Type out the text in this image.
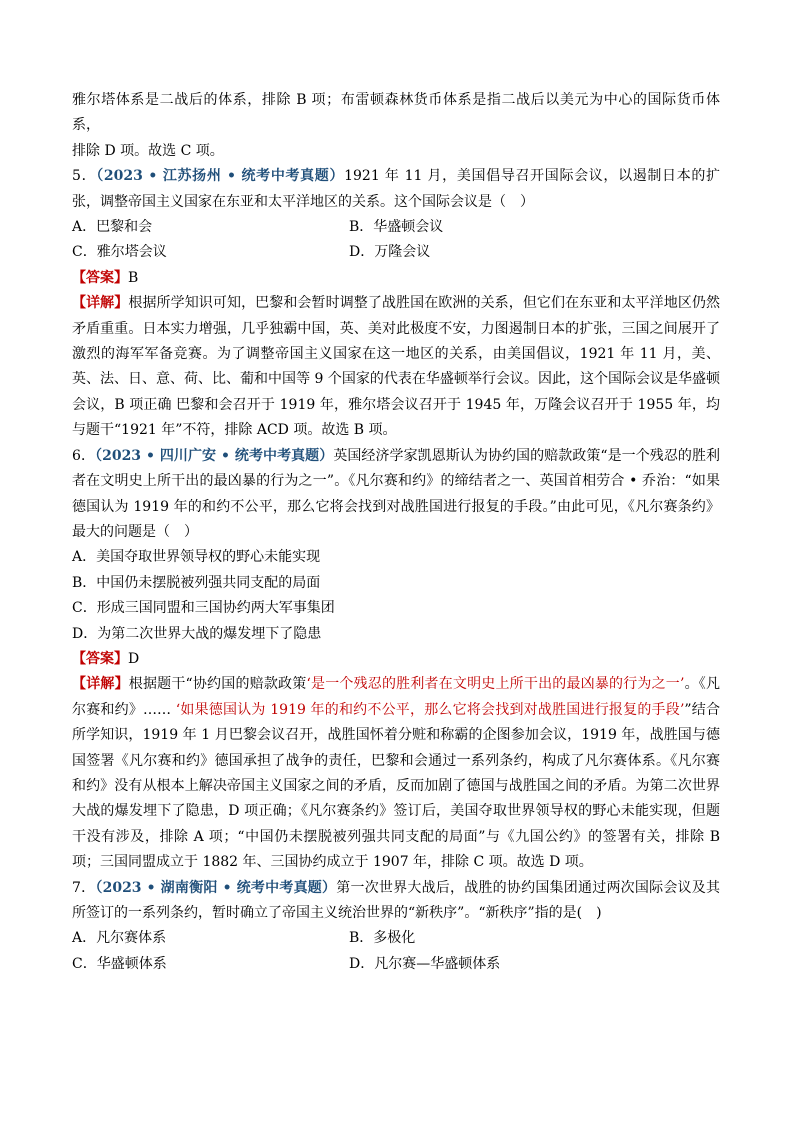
雅尔塔体系是二战后的体系，排除 B 项；布雷顿森林货币体系是指二战后以美元为中心的国际货币体系，
排除 D 项。故选 C 项。

5．（2023 • 江苏扬州 • 统考中考真题）1921 年 11 月，美国倡导召开国际会议，以遏制日本的扩张，调整帝国主义国家在东亚和太平洋地区的关系。这个国际会议是（　）

A．巴黎和会	B．华盛顿会议
C．雅尔塔会议	D．万隆会议

【答案】B

【详解】根据所学知识可知，巴黎和会暂时调整了战胜国在欧洲的关系，但它们在东亚和太平洋地区仍然矛盾重重。日本实力增强，几乎独霸中国，英、美对此极度不安，力图遏制日本的扩张，三国之间展开了激烈的海军军备竞赛。为了调整帝国主义国家在这一地区的关系，由美国倡议，1921 年 11 月，美、英、法、日、意、荷、比、葡和中国等 9 个国家的代表在华盛顿举行会议。因此，这个国际会议是华盛顿会议，B 项正确 巴黎和会召开于 1919 年，雅尔塔会议召开于 1945 年，万隆会议召开于 1955 年，均与题干“1921 年”不符，排除 ACD 项。故选 B 项。

6．（2023 • 四川广安 • 统考中考真题）英国经济学家凯恩斯认为协约国的赔款政策“是一个残忍的胜利者在文明史上所干出的最凶暴的行为之一”。《凡尔赛和约》的缔结者之一、英国首相劳合 • 乔治：“如果德国认为 1919 年的和约不公平，那么它将会找到对战胜国进行报复的手段。”由此可见，《凡尔赛条约》最大的问题是（　）

A．美国夺取世界领导权的野心未能实现

B．中国仍未摆脱被列强共同支配的局面

C．形成三国同盟和三国协约两大军事集团

D．为第二次世界大战的爆发埋下了隐患

【答案】D

【详解】根据题干“协约国的赔款政策‘是一个残忍的胜利者在文明史上所干出的最凶暴的行为之一’。《凡尔赛和约》…… ‘如果德国认为 1919 年的和约不公平，那么它将会找到对战胜国进行报复的手段’”结合所学知识，1919 年 1 月巴黎会议召开，战胜国怀着分赃和称霸的企图参加会议，1919 年，战胜国与德国签署《凡尔赛和约》德国承担了战争的责任，巴黎和会通过一系列条约，构成了凡尔赛体系。《凡尔赛和约》没有从根本上解决帝国主义国家之间的矛盾，反而加剧了德国与战胜国之间的矛盾。为第二次世界大战的爆发埋下了隐患，D 项正确；《凡尔赛条约》签订后，美国夺取世界领导权的野心未能实现，但题干没有涉及，排除 A 项；“中国仍未摆脱被列强共同支配的局面”与《九国公约》的签署有关，排除 B 项；三国同盟成立于 1882 年、三国协约成立于 1907 年，排除 C 项。故选 D 项。

7．（2023 • 湖南衡阳 • 统考中考真题）第一次世界大战后，战胜的协约国集团通过两次国际会议及其所签订的一系列条约，暂时确立了帝国主义统治世界的“新秩序”。“新秩序”指的是(　)

A．凡尔赛体系	B．多极化
C．华盛顿体系	D．凡尔赛—华盛顿体系
